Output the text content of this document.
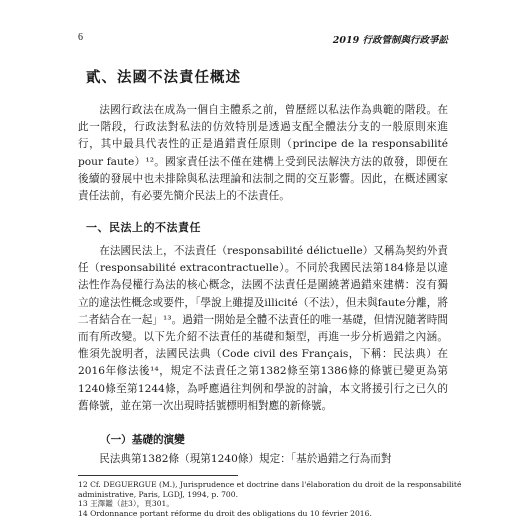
6	2019 行政管制與行政爭訟
貳、法國不法責任概述

法國行政法在成為一個自主體系之前，曾歷經以私法作為典範的階段。在此一階段，行政法對私法的仿效特別是透過支配全體法分支的一般原則來進行，其中最具代表性的正是過錯責任原則（principe de la responsabilité pour faute）¹²。國家責任法不僅在建構上受到民法解決方法的啟發，即便在後續的發展中也未排除與私法理論和法制之間的交互影響。因此，在概述國家責任法前，有必要先簡介民法上的不法責任。

一、民法上的不法責任

在法國民法上，不法責任（responsabilité délictuelle）又稱為契約外責任（responsabilité extracontractuelle）。不同於我國民法第184條是以違法性作為侵權行為法的核心概念，法國不法責任是圍繞著過錯來建構：沒有獨立的違法性概念或要件，「學說上雖提及illicité（不法），但未與faute分離，將二者結合在一起」¹³。過錯一開始是全體不法責任的唯一基礎，但情況隨著時間而有所改變。以下先介紹不法責任的基礎和類型，再進一步分析過錯之內涵。惟須先說明者，法國民法典（Code civil des Français，下稱：民法典）在2016年修法後¹⁴，規定不法責任之第1382條至第1386條的條號已變更為第1240條至第1244條，為呼應過往判例和學說的討論，本文將援引行之已久的舊條號，並在第一次出現時括號標明相對應的新條號。

（一）基礎的演變

民法典第1382條（現第1240條）規定：「基於過錯之行為而對

12 Cf. DEGUERGUE (M.), Jurisprudence et doctrine dans l'élaboration du droit de la responsabilité administrative, Paris, LGDJ, 1994, p. 700.

13 王澤鑑（註3），頁301。

14 Ordonnance portant réforme du droit des obligations du 10 février 2016.
